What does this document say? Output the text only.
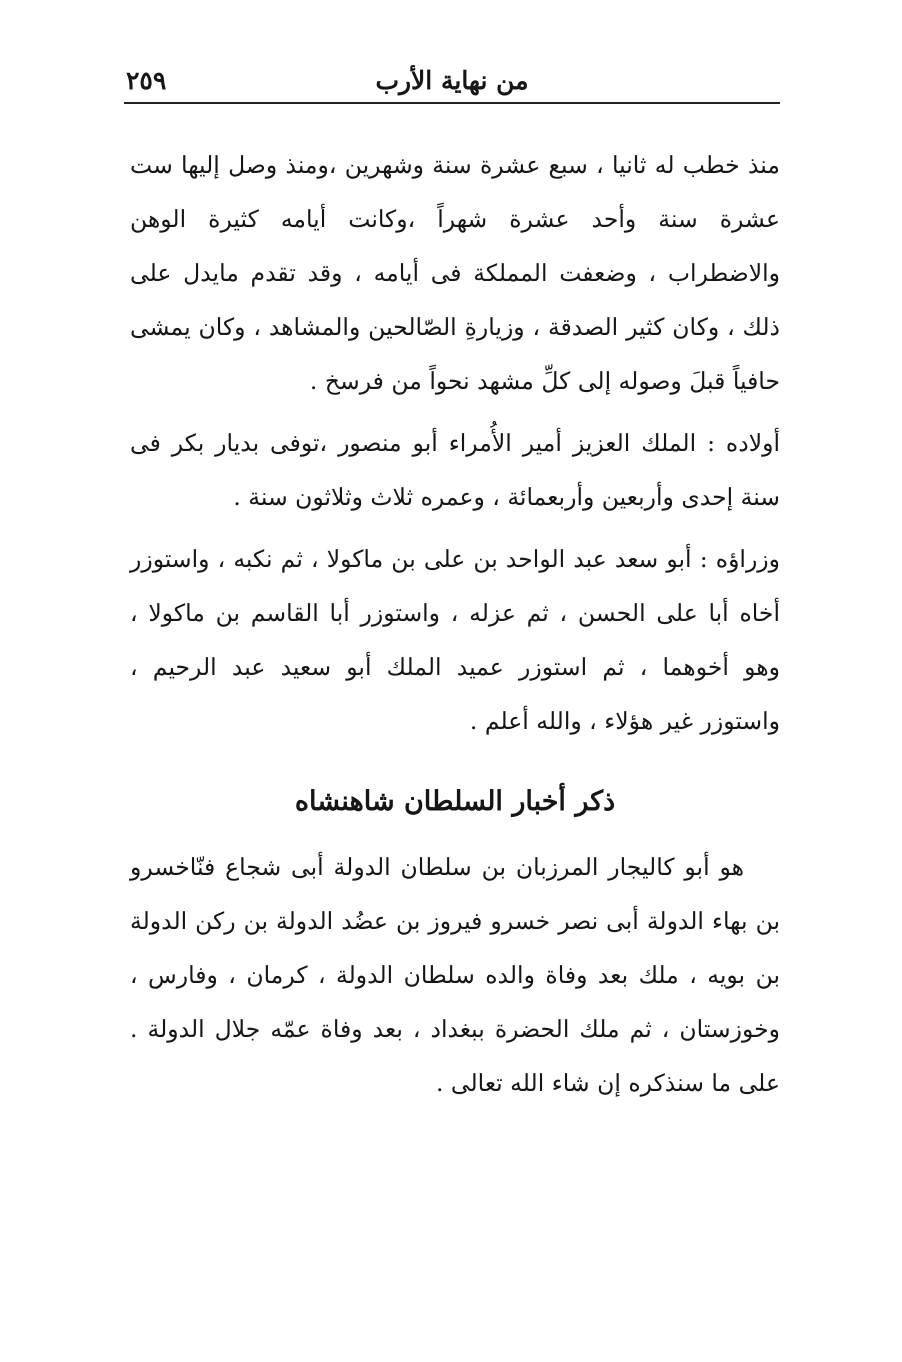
من نهاية الأرب
٢٥٩

منذ خطب له ثانيا ، سبع عشرة سنة وشهرين ،ومنذ وصل إليها ست عشرة سنة وأحد عشرة شهراً ،وكانت أيامه كثيرة الوهن والاضطراب ، وضعفت المملكة فى أيامه ، وقد تقدم مايدل على ذلك ، وكان كثير الصدقة ، وزيارةِ الصّالحين والمشاهد ، وكان يمشى حافياً قبلَ وصوله إلى كلِّ مشهد نحواً من فرسخ .

أولاده : الملك العزيز أمير الأُمراء أبو منصور ،توفى بديار بكر فى سنة إحدى وأربعين وأربعمائة ، وعمره ثلاث وثلاثون سنة .

وزراؤه : أبو سعد عبد الواحد بن على بن ماكولا ، ثم نكبه ، واستوزر أخاه أبا على الحسن ، ثم عزله ، واستوزر أبا القاسم بن ماكولا ، وهو أخوهما ، ثم استوزر عميد الملك أبو سعيد عبد الرحيم ، واستوزر غير هؤلاء ، والله أعلم .

ذكر أخبار السلطان شاهنشاه

هو أبو كاليجار المرزبان بن سلطان الدولة أبى شجاع فنّاخسرو بن بهاء الدولة أبى نصر خسرو فيروز بن عضُد الدولة بن ركن الدولة بن بويه ، ملك بعد وفاة والده سلطان الدولة ، كرمان ، وفارس ، وخوزستان ، ثم ملك الحضرة ببغداد ، بعد وفاة عمّه جلال الدولة . على ما سنذكره إن شاء الله تعالى .
